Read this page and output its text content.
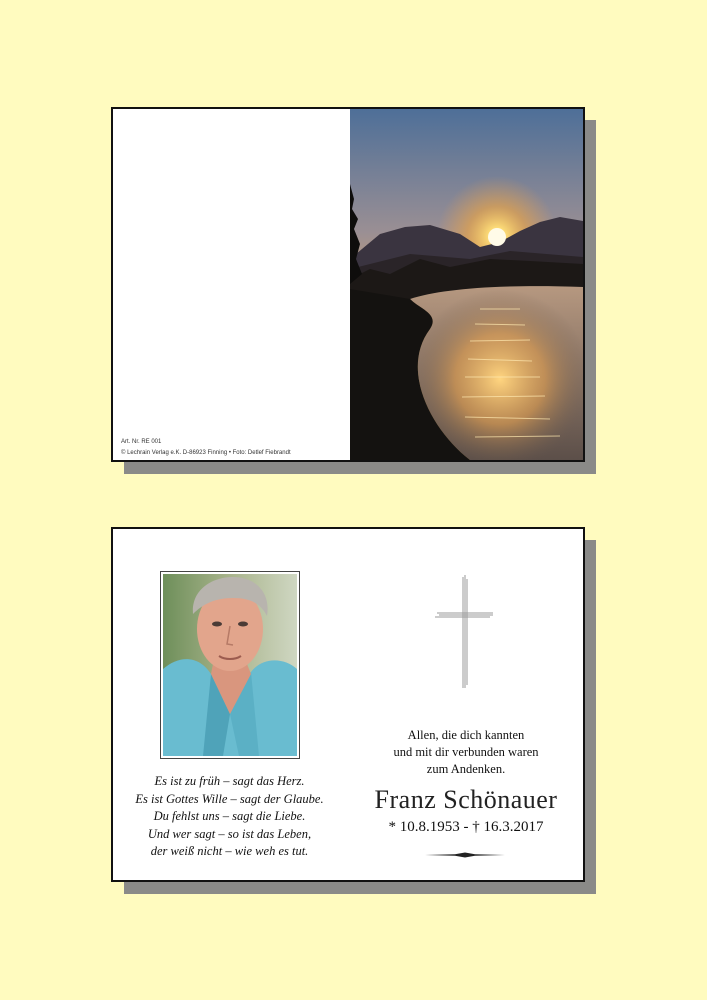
Art. Nr. RE 001
© Lechrain Verlag e.K. D-86923 Finning • Foto: Detlef Fiebrandt
Es ist zu früh – sagt das Herz.
Es ist Gottes Wille – sagt der Glaube.
Du fehlst uns – sagt die Liebe.
Und wer sagt – so ist das Leben,
der weiß nicht – wie weh es tut.
Allen, die dich kannten
und mit dir verbunden waren
zum Andenken.
Franz Schönauer
* 10.8.1953 - † 16.3.2017
